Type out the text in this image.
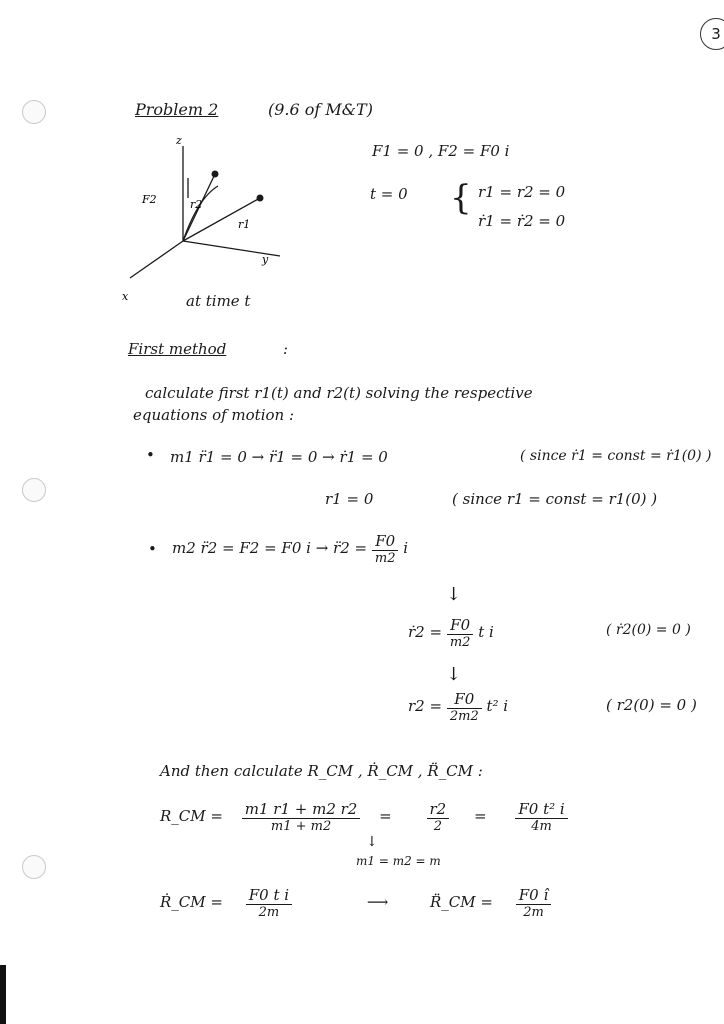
3
Problem 2	(9.6 of M&T)
z
y
x
F2
r1
r2
at time t
F1 = 0 , F2 = F0 i
t = 0 { r1 = r2 = 0
ṙ1 = ṙ2 = 0
First method	:
calculate first r1(t) and r2(t) solving the respective
equations of motion :
• m1 r̈1 = 0 → r̈1 = 0 → ṙ1 = 0	( since ṙ1 = const = ṙ1(0) )
r1 = 0	( since r1 = const = r1(0) )
• m2 r̈2 = F2 = F0 i → r̈2 = $\frac{F0}{m2}$ i
↓
ṙ2 = $\frac{F0}{m2}$ t i	( ṙ2(0) = 0 )
↓
$r2 = \frac{F0}{2m2} t^2$ i	( r2(0) = 0 )
And then calculate R_CM , Ṙ_CM , R̈_CM :
R_CM = $\frac{m1 r1 + m2 r2}{m1 + m2} = \frac{r2}{2} = \frac{\text{F0 t² i}}{4m}$
↓
m1 = m2 = m
Ṙ_CM = $\frac{\text{F0 t i}}{2m}$	⟶	R̈_CM = $\frac{F0 î}{2m}$
